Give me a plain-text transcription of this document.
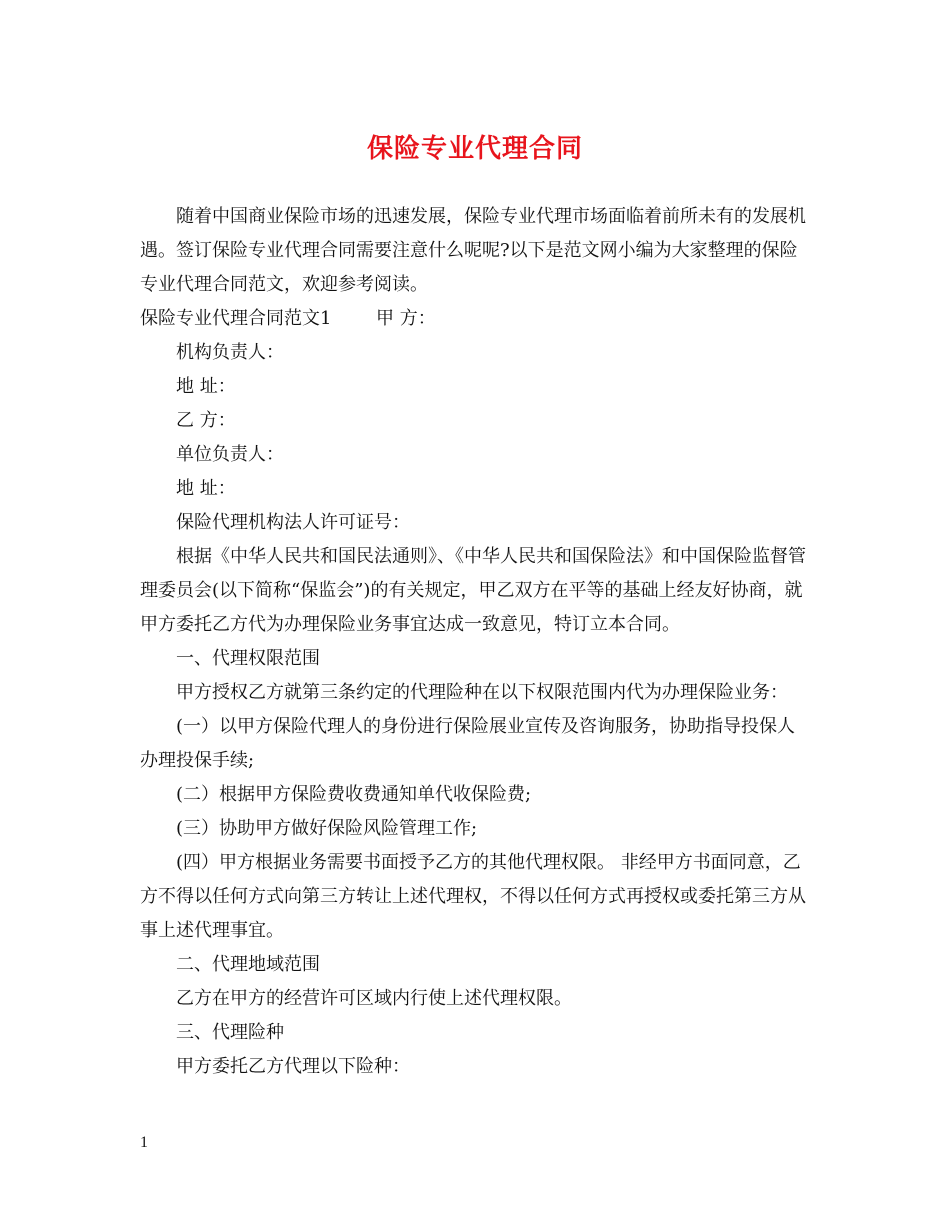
保险专业代理合同

随着中国商业保险市场的迅速发展，保险专业代理市场面临着前所未有的发展机遇。签订保险专业代理合同需要注意什么呢呢?以下是范文网小编为大家整理的保险专业代理合同范文，欢迎参考阅读。

保险专业代理合同范文1 甲 方：

机构负责人：

地 址：

乙 方：

单位负责人：

地 址：

保险代理机构法人许可证号：

根据《中华人民共和国民法通则》、《中华人民共和国保险法》和中国保险监督管理委员会(以下简称“保监会”)的有关规定，甲乙双方在平等的基础上经友好协商，就甲方委托乙方代为办理保险业务事宜达成一致意见，特订立本合同。

一、代理权限范围

甲方授权乙方就第三条约定的代理险种在以下权限范围内代为办理保险业务：

(一）以甲方保险代理人的身份进行保险展业宣传及咨询服务，协助指导投保人办理投保手续;

(二）根据甲方保险费收费通知单代收保险费;

(三）协助甲方做好保险风险管理工作;

(四）甲方根据业务需要书面授予乙方的其他代理权限。 非经甲方书面同意，乙方不得以任何方式向第三方转让上述代理权，不得以任何方式再授权或委托第三方从事上述代理事宜。

二、代理地域范围

乙方在甲方的经营许可区域内行使上述代理权限。

三、代理险种

甲方委托乙方代理以下险种：

1
